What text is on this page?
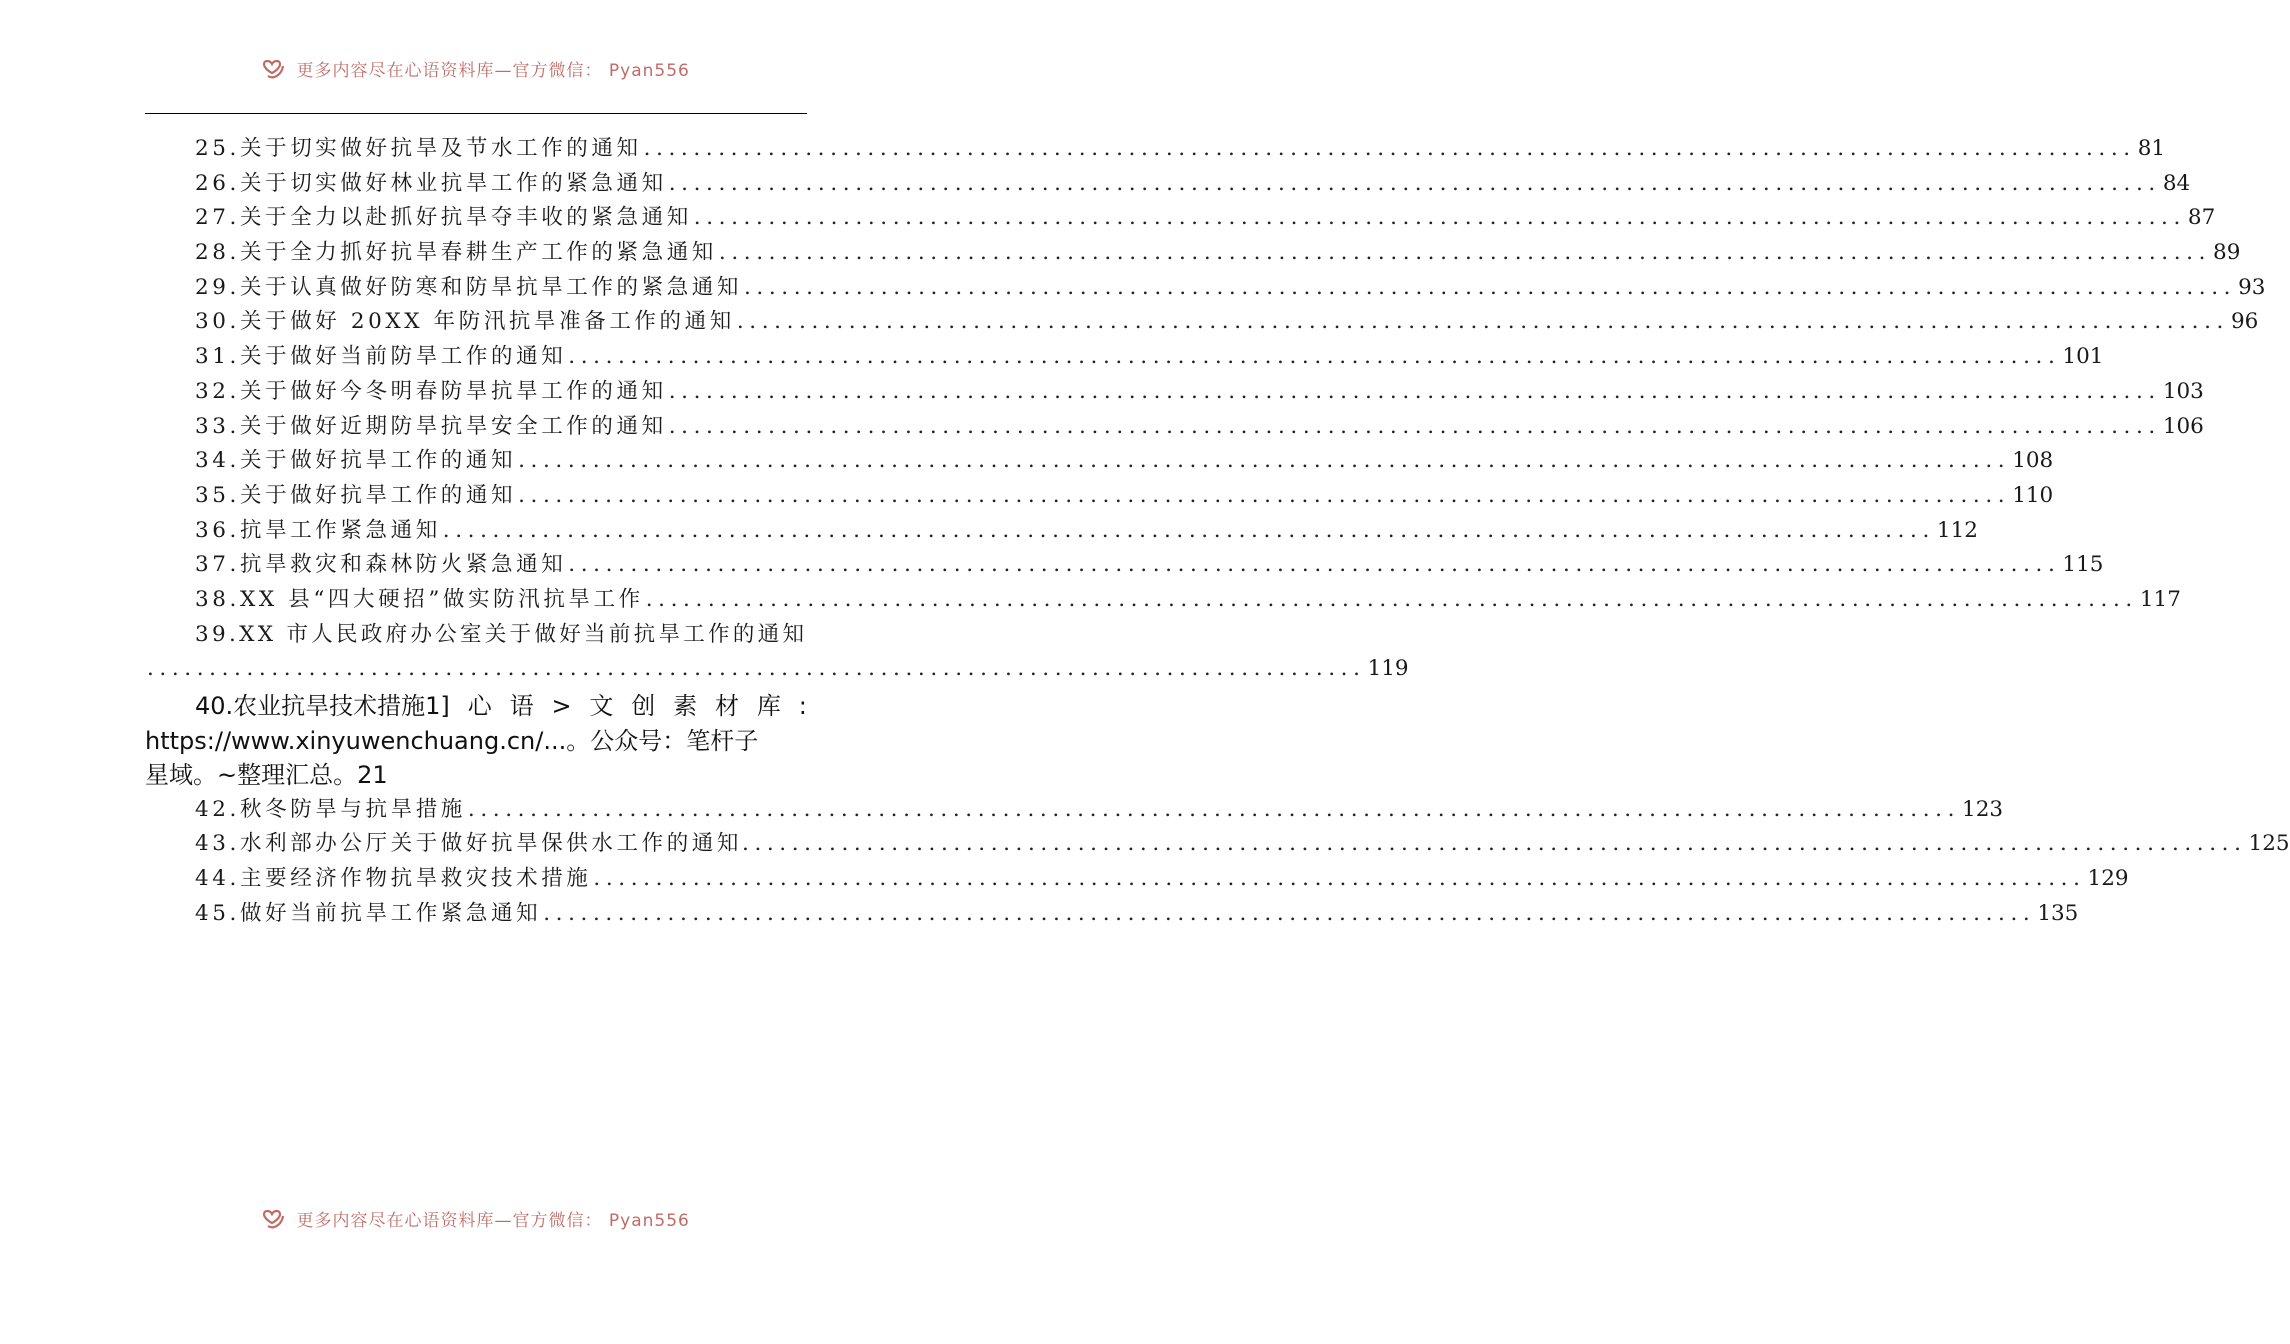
更多内容尽在心语资料库—官方微信： Pyan556
25.关于切实做好抗旱及节水工作的通知 ........................................................................................................................ 81
26.关于切实做好林业抗旱工作的紧急通知 ........................................................................................................................ 84
27.关于全力以赴抓好抗旱夺丰收的紧急通知 ........................................................................................................................ 87
28.关于全力抓好抗旱春耕生产工作的紧急通知 ........................................................................................................................ 89
29.关于认真做好防寒和防旱抗旱工作的紧急通知 ........................................................................................................................ 93
30.关于做好 20XX 年防汛抗旱准备工作的通知 ........................................................................................................................ 96
31.关于做好当前防旱工作的通知 ........................................................................................................................ 101
32.关于做好今冬明春防旱抗旱工作的通知 ........................................................................................................................ 103
33.关于做好近期防旱抗旱安全工作的通知 ........................................................................................................................ 106
34.关于做好抗旱工作的通知 ........................................................................................................................ 108
35.关于做好抗旱工作的通知 ........................................................................................................................ 110
36.抗旱工作紧急通知 ........................................................................................................................ 112
37.抗旱救灾和森林防火紧急通知 ........................................................................................................................ 115
38.XX 县“四大硬招”做实防汛抗旱工作 ........................................................................................................................ 117
39.XX 市人民政府办公室关于做好当前抗旱工作的通知
.................................................................................................. 119
40.农业抗旱技术措施1] 心 语 > 文 创 素 材 库 :
https://www.xinyuwenchuang.cn/...。公众号：笔杆子
星域。~整理汇总。21
42.秋冬防旱与抗旱措施 ........................................................................................................................ 123
43.水利部办公厅关于做好抗旱保供水工作的通知. ........................................................................................................................ 125
44.主要经济作物抗旱救灾技术措施 ........................................................................................................................ 129
45.做好当前抗旱工作紧急通知 ........................................................................................................................ 135
更多内容尽在心语资料库—官方微信： Pyan556
